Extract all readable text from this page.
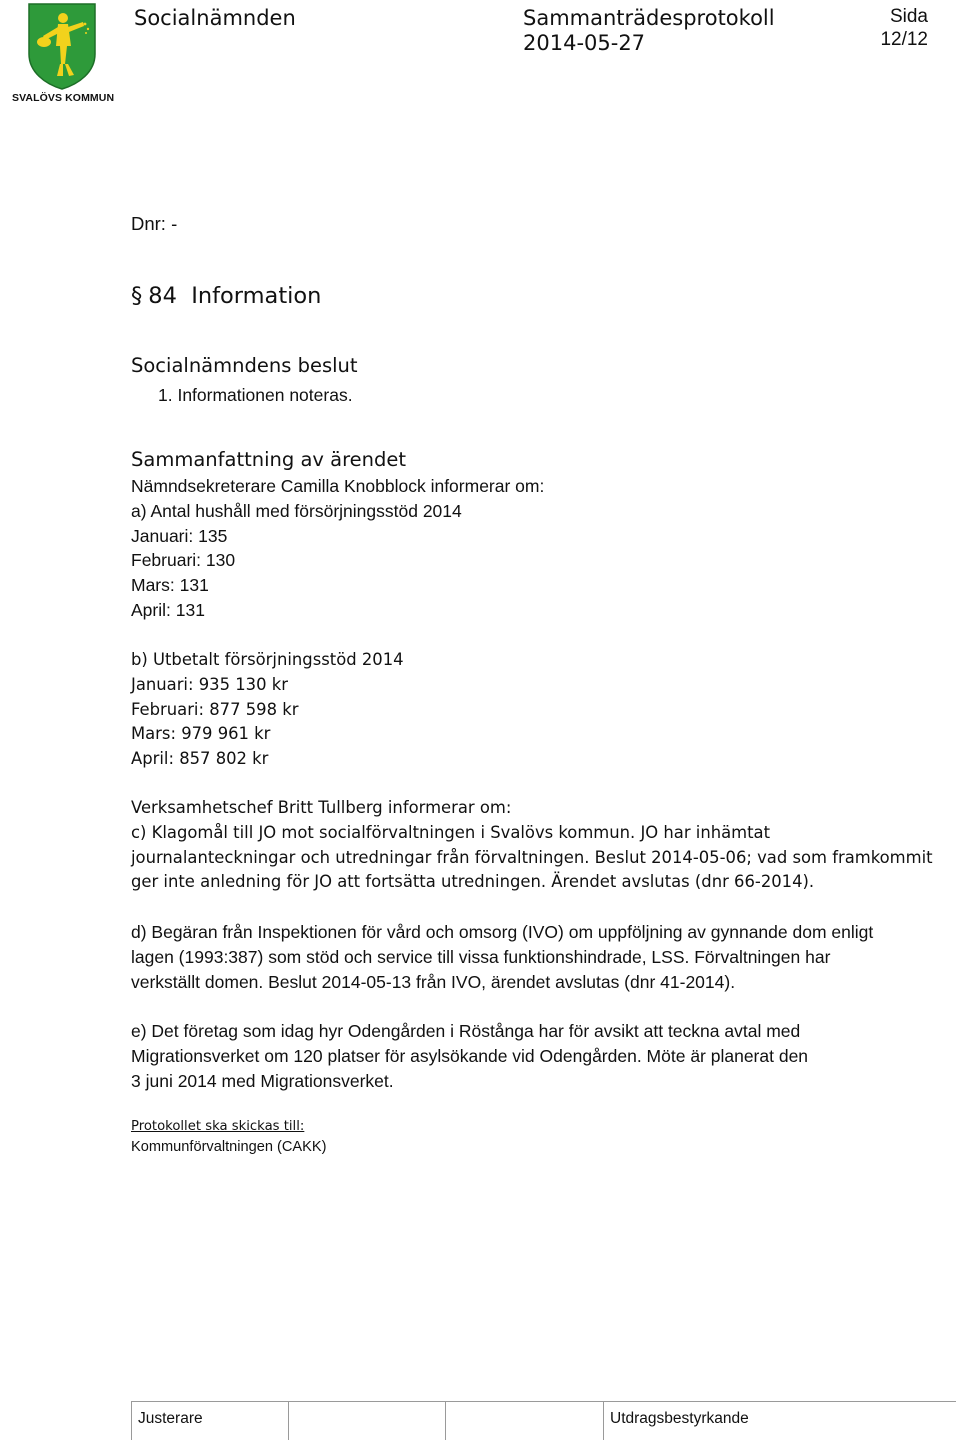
SVALÖVS KOMMUN
Socialnämnden	Sammanträdesprotokoll
2014-05-27
Sida
12/12
Dnr: -
§ 84 Information
Socialnämndens beslut
1. Informationen noteras.
Sammanfattning av ärendet
Nämndsekreterare Camilla Knobblock informerar om:
a) Antal hushåll med försörjningsstöd 2014
Januari: 135
Februari: 130
Mars: 131
April: 131
b) Utbetalt försörjningsstöd 2014
Januari: 935 130 kr
Februari: 877 598 kr
Mars: 979 961 kr
April: 857 802 kr
Verksamhetschef Britt Tullberg informerar om:
c) Klagomål till JO mot socialförvaltningen i Svalövs kommun. JO har inhämtat
journalanteckningar och utredningar från förvaltningen. Beslut 2014-05-06; vad som framkommit
ger inte anledning för JO att fortsätta utredningen. Ärendet avslutas (dnr 66-2014).
d) Begäran från Inspektionen för vård och omsorg (IVO) om uppföljning av gynnande dom enligt
lagen (1993:387) som stöd och service till vissa funktionshindrade, LSS. Förvaltningen har
verkställt domen. Beslut 2014-05-13 från IVO, ärendet avslutas (dnr 41-2014).
e) Det företag som idag hyr Odengården i Röstånga har för avsikt att teckna avtal med
Migrationsverket om 120 platser för asylsökande vid Odengården. Möte är planerat den
3 juni 2014 med Migrationsverket.
Protokollet ska skickas till:
Kommunförvaltningen (CAKK)
Justerare	Utdragsbestyrkande
